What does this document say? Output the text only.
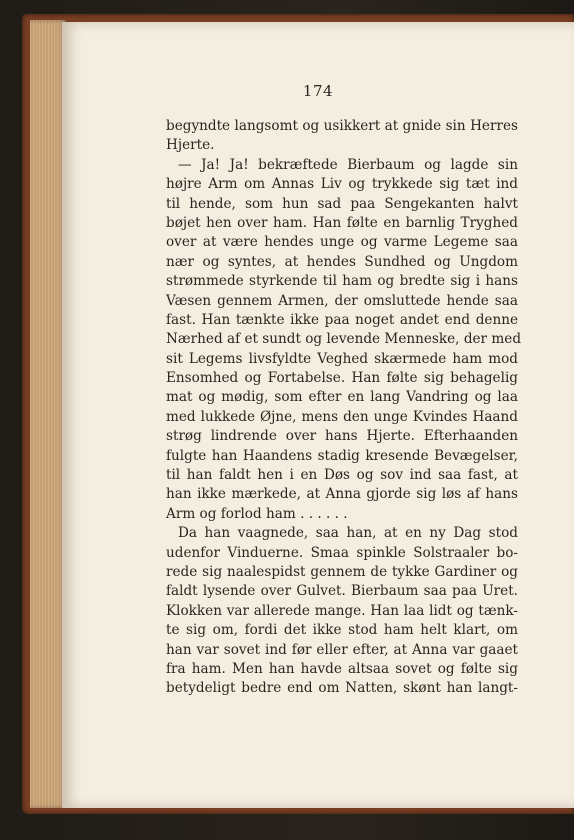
174
begyndte langsomt og usikkert at gnide sin Herres
Hjerte.
— Ja! Ja! bekræftede Bierbaum og lagde sin
højre Arm om Annas Liv og trykkede sig tæt ind
til hende, som hun sad paa Sengekanten halvt
bøjet hen over ham. Han følte en barnlig Tryghed
over at være hendes unge og varme Legeme saa
nær og syntes, at hendes Sundhed og Ungdom
strømmede styrkende til ham og bredte sig i hans
Væsen gennem Armen, der omsluttede hende saa
fast. Han tænkte ikke paa noget andet end denne
Nærhed af et sundt og levende Menneske, der med
sit Legems livsfyldte Veghed skærmede ham mod
Ensomhed og Fortabelse. Han følte sig behagelig
mat og mødig, som efter en lang Vandring og laa
med lukkede Øjne, mens den unge Kvindes Haand
strøg lindrende over hans Hjerte. Efterhaanden
fulgte han Haandens stadig kresende Bevægelser,
til han faldt hen i en Døs og sov ind saa fast, at
han ikke mærkede, at Anna gjorde sig løs af hans
Arm og forlod ham . . . . . .
Da han vaagnede, saa han, at en ny Dag stod
udenfor Vinduerne. Smaa spinkle Solstraaler bo-
rede sig naalespidst gennem de tykke Gardiner og
faldt lysende over Gulvet. Bierbaum saa paa Uret.
Klokken var allerede mange. Han laa lidt og tænk-
te sig om, fordi det ikke stod ham helt klart, om
han var sovet ind før eller efter, at Anna var gaaet
fra ham. Men han havde altsaa sovet og følte sig
betydeligt bedre end om Natten, skønt han langt-
